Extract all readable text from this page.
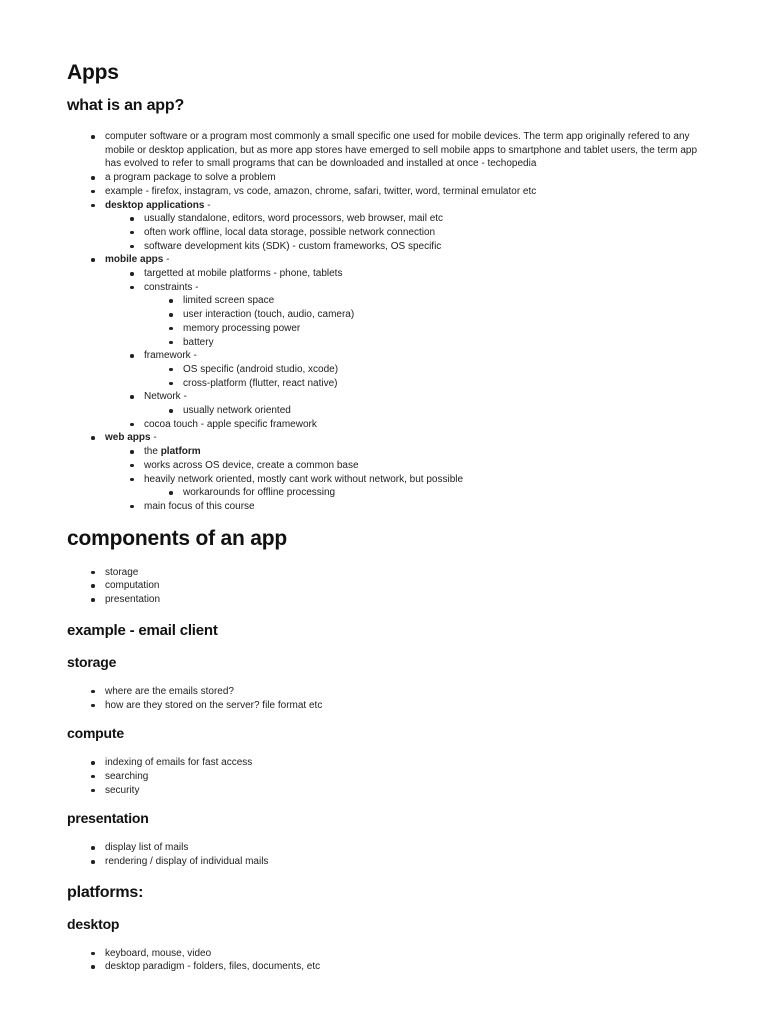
Apps
what is an app?
computer software or a program most commonly a small specific one used for mobile devices. The term app originally refered to any mobile or desktop application, but as more app stores have emerged to sell mobile apps to smartphone and tablet users, the term app has evolved to refer to small programs that can be downloaded and installed at once - techopedia
a program package to solve a problem
example - firefox, instagram, vs code, amazon, chrome, safari, twitter, word, terminal emulator etc
desktop applications -
usually standalone, editors, word processors, web browser, mail etc
often work offline, local data storage, possible network connection
software development kits (SDK) - custom frameworks, OS specific
mobile apps -
targetted at mobile platforms - phone, tablets
constraints -
limited screen space
user interaction (touch, audio, camera)
memory processing power
battery
framework -
OS specific (android studio, xcode)
cross-platform (flutter, react native)
Network -
usually network oriented
cocoa touch - apple specific framework
web apps -
the platform
works across OS device, create a common base
heavily network oriented, mostly cant work without network, but possible
workarounds for offline processing
main focus of this course
components of an app
storage
computation
presentation
example - email client
storage
where are the emails stored?
how are they stored on the server? file format etc
compute
indexing of emails for fast access
searching
security
presentation
display list of mails
rendering / display of individual mails
platforms:
desktop
keyboard, mouse, video
desktop paradigm - folders, files, documents, etc
